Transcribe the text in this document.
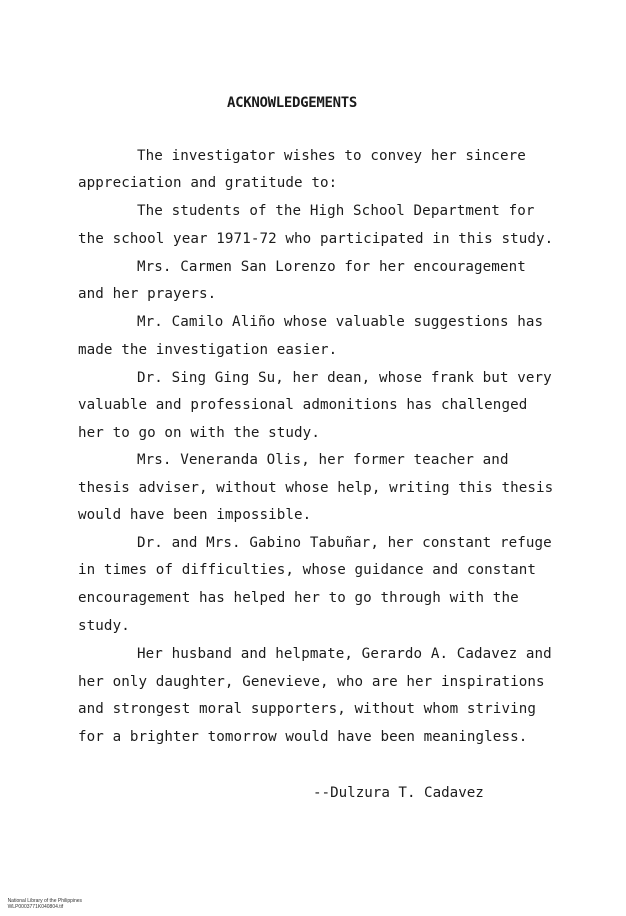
ACKNOWLEDGEMENTS
The investigator wishes to convey her sincere
appreciation and gratitude to:
The students of the High School Department for
the school year 1971-72 who participated in this study.
Mrs. Carmen San Lorenzo for her encouragement
and her prayers.
Mr. Camilo Aliño whose valuable suggestions has
made the investigation easier.
Dr. Sing Ging Su, her dean, whose frank but very
valuable and professional admonitions has challenged
her to go on with the study.
Mrs. Veneranda Olis, her former teacher and
thesis adviser, without whose help, writing this thesis
would have been impossible.
Dr. and Mrs. Gabino Tabuñar, her constant refuge
in times of difficulties, whose guidance and constant
encouragement has helped her to go through with the
study.
Her husband and helpmate, Gerardo A. Cadavez and
her only daughter, Genevieve, who are her inspirations
and strongest moral supporters, without whom striving
for a brighter tomorrow would have been meaningless.
--Dulzura T. Cadavez

National Library of the Philippines
WLP0003771K040804.tif
